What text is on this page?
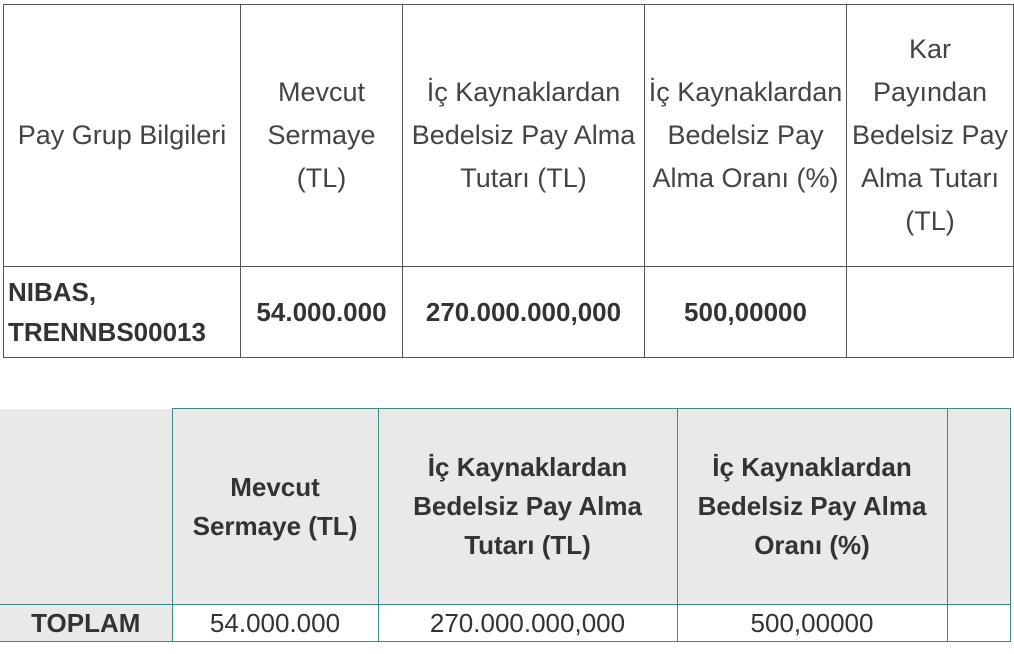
Pay Grup Bilgileri	Mevcut Sermaye (TL)	İç Kaynaklardan Bedelsiz Pay Alma Tutarı (TL)	İç Kaynaklardan Bedelsiz Pay Alma Oranı (%)	Kar Payından Bedelsiz Pay Alma Tutarı (TL)
NIBAS, TRENNBS00013	54.000.000	270.000.000,000	500,00000	
	Mevcut Sermaye (TL)	İç Kaynaklardan Bedelsiz Pay Alma Tutarı (TL)	İç Kaynaklardan Bedelsiz Pay Alma Oranı (%)	
TOPLAM	54.000.000	270.000.000,000	500,00000	
